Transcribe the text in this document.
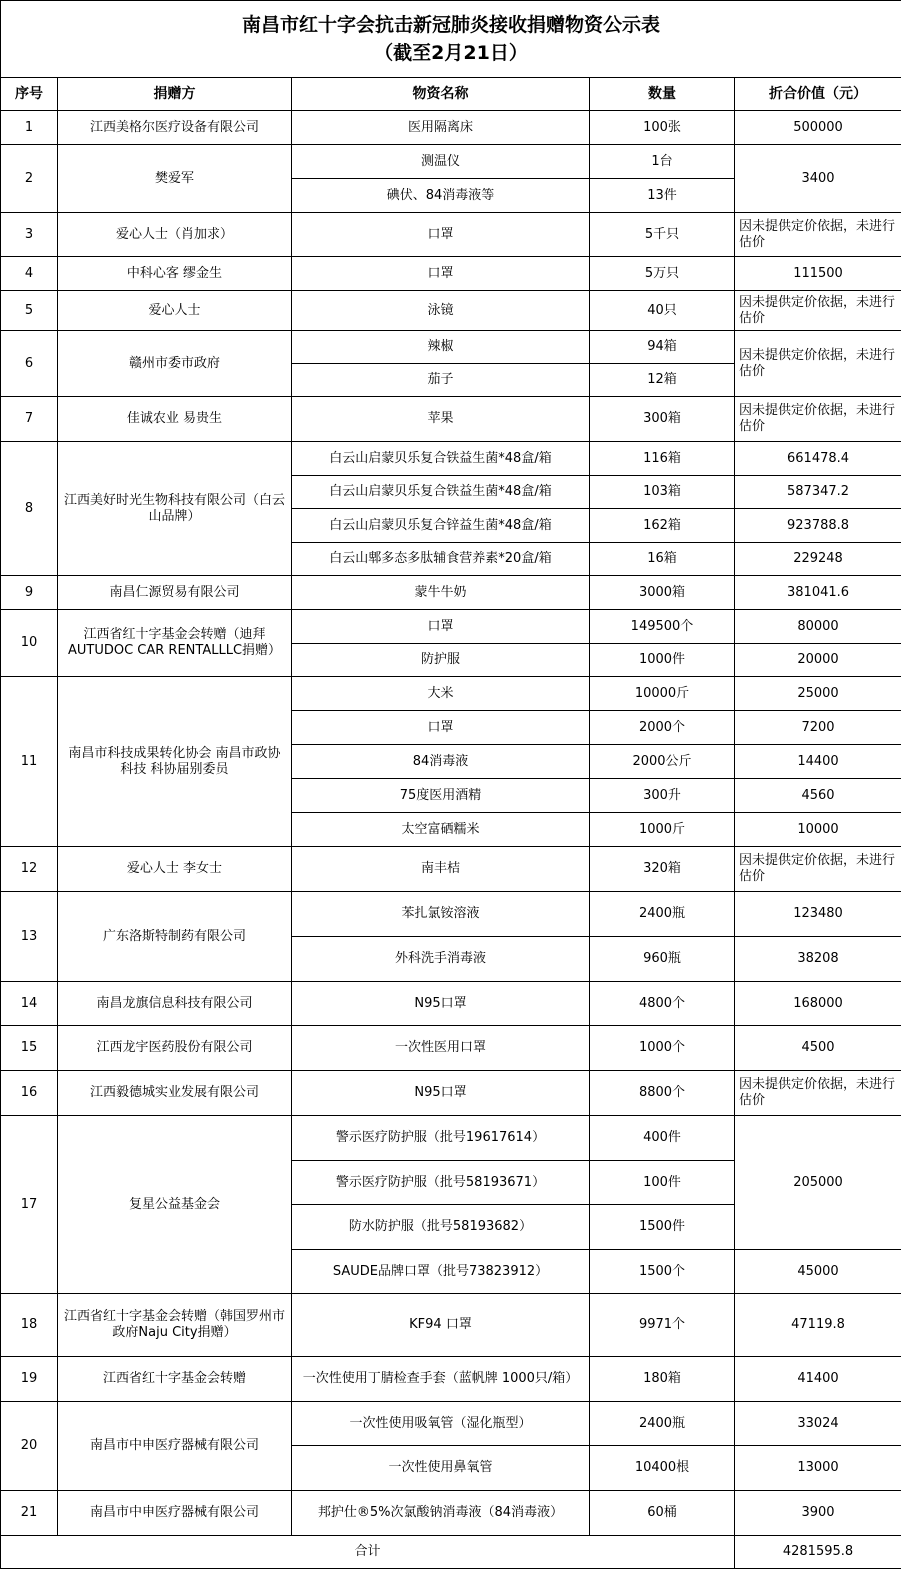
南昌市红十字会抗击新冠肺炎接收捐赠物资公示表
（截至2月21日）				

序号	捐赠方	物资名称	数量	折合价值（元）
1	江西美格尔医疗设备有限公司	医用隔离床	100张	500000
2	樊爱军	测温仪	1台	3400
		碘伏、84消毒液等	13件	
3	爱心人士（肖加求）	口罩	5千只	因未提供定价依据，未进行估价
4	中科心客 缪金生	口罩	5万只	111500
5	爱心人士	泳镜	40只	因未提供定价依据，未进行估价
6	赣州市委市政府	辣椒	94箱	因未提供定价依据，未进行估价
		茄子	12箱	
7	佳诚农业 易贵生	苹果	300箱	因未提供定价依据，未进行估价
8	江西美好时光生物科技有限公司（白云山品牌）	白云山启蒙贝乐复合铁益生菌*48盒/箱	116箱	661478.4
		白云山启蒙贝乐复合铁益生菌*48盒/箱	103箱	587347.2
		白云山启蒙贝乐复合锌益生菌*48盒/箱	162箱	923788.8
		白云山郫多态多肽辅食营养素*20盒/箱	16箱	229248
9	南昌仁源贸易有限公司	蒙牛牛奶	3000箱	381041.6
10	江西省红十字基金会转赠（迪拜AUTUDOC CAR RENTALLLC捐赠）	口罩	149500个	80000
		防护服	1000件	20000
11	南昌市科技成果转化协会 南昌市政协科技 科协届别委员	大米	10000斤	25000
		口罩	2000个	7200
		84消毒液	2000公斤	14400
		75度医用酒精	300升	4560
		太空富硒糯米	1000斤	10000
12	爱心人士 李女士	南丰桔	320箱	因未提供定价依据，未进行估价
13	广东洛斯特制药有限公司	苯扎氯铵溶液	2400瓶	123480
		外科洗手消毒液	960瓶	38208
14	南昌龙旗信息科技有限公司	N95口罩	4800个	168000
15	江西龙宇医药股份有限公司	一次性医用口罩	1000个	4500
16	江西毅德城实业发展有限公司	N95口罩	8800个	因未提供定价依据，未进行估价
17	复星公益基金会	警示医疗防护服（批号19617614）	400件	205000
		警示医疗防护服（批号58193671）	100件	
		防水防护服（批号58193682）	1500件	
		SAUDE品牌口罩（批号73823912）	1500个	45000
18	江西省红十字基金会转赠（韩国罗州市政府Naju City捐赠）	KF94 口罩	9971个	47119.8
19	江西省红十字基金会转赠	一次性使用丁腈检查手套（蓝帆牌 1000只/箱）	180箱	41400
20	南昌市中申医疗器械有限公司	一次性使用吸氧管（湿化瓶型）	2400瓶	33024
		一次性使用鼻氧管	10400根	13000
21	南昌市中申医疗器械有限公司	邦护仕®5%次氯酸钠消毒液（84消毒液）	60桶	3900
合计				4281595.8
